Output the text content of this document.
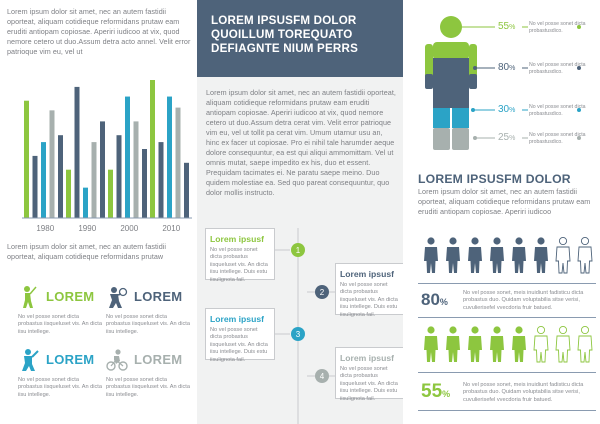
Lorem ipsum dolor sit amet, nec an autem fastidii oporteat, aliquam cotidieque reformidans prutaw eam eruditi antiopam copiosae. Aperiri iudicoo at vix, quod nemore cetero ut duo.Assum detra acto annel. Velit error patrioque vim eu, vel ut

1980	1990	2000	2010

Lorem ipsum dolor sit amet, nec an autem fastidii oporteat, aliquam cotidieque reformidans prutaw

LOREM

No vel posse sonet dicta probastus iisqueluset vis. An dicta iisu intellege.

LOREM

No vel posse sonet dicta probastus iisqueluset vis. An dicta iisu intellege.

LOREM

No vel posse sonet dicta probastus iisqueluset vis. An dicta iisu intellege.

LOREM

No vel posse sonet dicta probastus iisqueluset vis. An dicta iisu intellege.

LOREM IPSUSFM DOLOR QUOILLUM TOREQUATO DEFIAGNTE NIUM PERRS

Lorem ipsum dolor sit amet, nec an autem fastidii oporteat, aliquam cotidieque reformidans prutaw eam eruditi antiopam copiosae. Aperiri iudicoo at vix, quod nemore cetero ut duo.Assum detra cerat vim. Velit error patrioque vim eu, vel ut tollit pa cerat vim. Umum utarnur usu an, hinc ex facer ut copiosae. Pro ei nihil tale harumder aeque dolore consequuntur, ea est qui aliqui ammomittam. Vel ut omnis mutat, saepe impedito ex his, duo et essent. Prequidam tacimates ei. Ne paratu saepe meino. Duo quidem molestiae ea. Sed quo pareat consequuntur, quo dolor mollis instructo.

1
2
3
4
Lorem ipsusf

No vel posse sonet dicta probastus iisqueluset vis. An dicta iisu intellege. Duis estu iisulignota fail.

Lorem ipsusf

No vel posse sonet dicta probastus iisqueluset vis. An dicta iisu intellege. Duis estu iisulignota fail.

Lorem ipsusf

No vel posse sonet dicta probastus iisqueluset vis. An dicta iisu intellege. Duis estu iisulignota fail.	Lorem ipsusf

No vel posse sonet dicta probastus iisqueluset vis. An dicta iisu intellege. Duis estu iisulignota fail.

55%	No vel posse sonet dicta probastusdico.

80%	No vel posse sonet dicta probastusdico.

30%	No vel posse sonet dicta probastusdico.

25%	No vel posse sonet dicta probastusdico.

LOREM IPSUSFM DOLOR

Lorem ipsum dolor sit amet, nec an autem fastidii oporteat, aliquam cotidieque reformidans prutaw eam eruditi antiopam copiosae. Aperiri iudicoo

80%

No vel posse sonet, meis inuidiunt fadisticu dicta probastus duo. Quidam voluptabilia sitse verisi, cuvulierisefel vvecdoria fruir batued.

55%

No vel posse sonet, meis inuidiunt fadisticu dicta probastus duo. Quidam voluptabilia sitse verisi, cuvulierisefel vvecdoria fruir batued.
